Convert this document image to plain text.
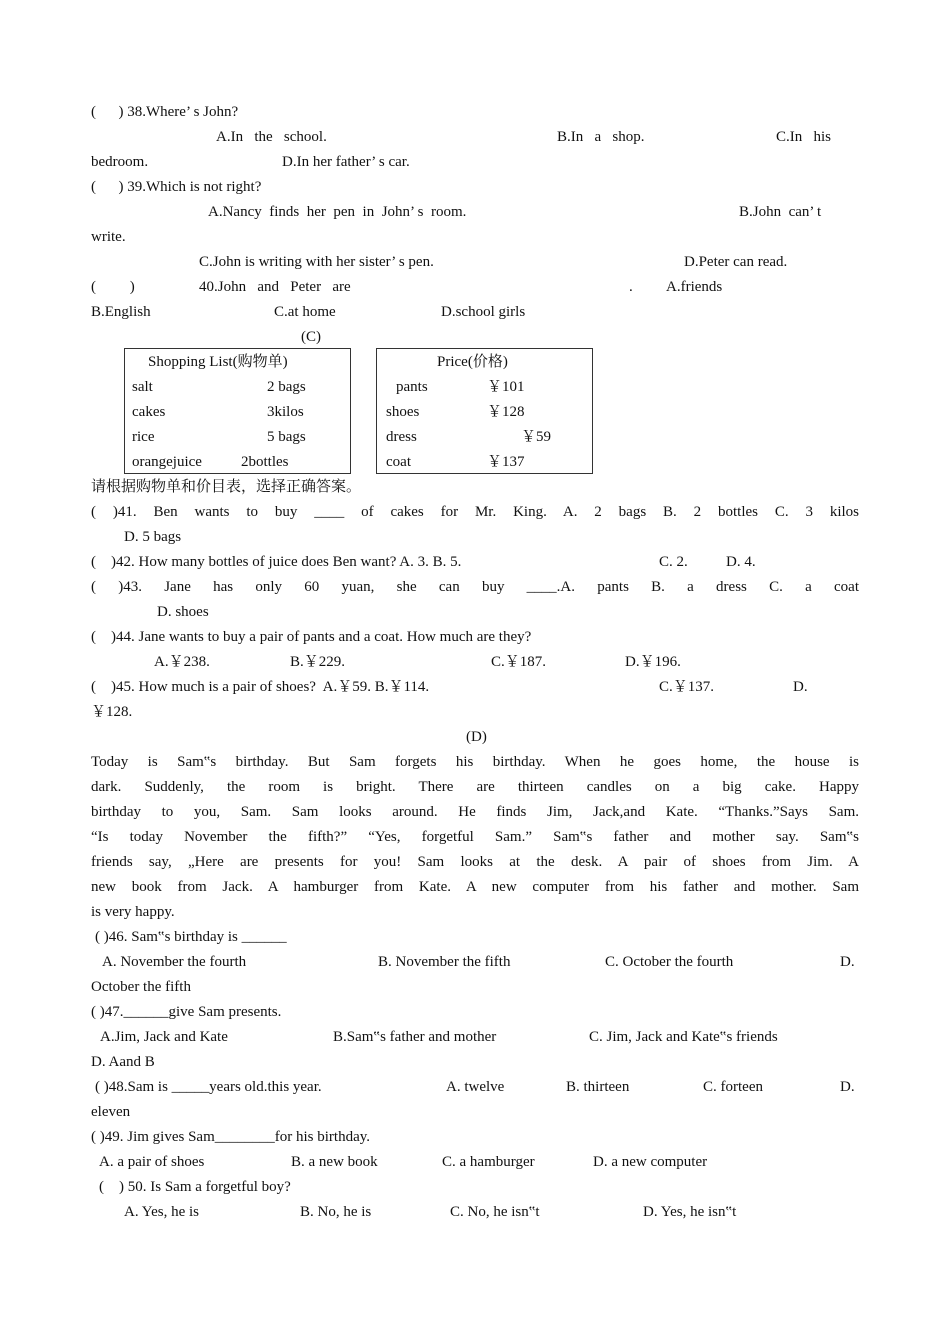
(      ) 38.Where’ s John?
A.In   the   school.	B.In   a   shop.	C.In   his
bedroom.	D.In her father’ s car.
(      ) 39.Which is not right?
A.Nancy  finds  her  pen  in  John’ s  room.	B.John  can’ t
write.
C.John is writing with her sister’ s pen.	D.Peter can read.
(         )	40.John   and   Peter   are	. A.friends
B.English	C.at home	D.school girls
(C)
Shopping List(购物单)
salt	2 bags
cakes	3kilos
rice	5 bags
orangejuice	2bottles
Price(价格)
pants	￥101
shoes	￥128
dress	￥59
coat	￥137
请根据购物单和价目表，选择正确答案。
( )41. Ben wants to buy ____ of cakes for Mr. King. A. 2 bags B. 2 bottles C. 3 kilos
D. 5 bags
(    )42. How many bottles of juice does Ben want? A. 3. B. 5.	C. 2.	D. 4.
( )43. Jane has only 60 yuan, she can buy ____.A. pants B. a dress C. a coat
D. shoes
(    )44. Jane wants to buy a pair of pants and a coat. How much are they?
A.￥238.	B.￥229.	C.￥187.	D.￥196.
(    )45. How much is a pair of shoes?  A.￥59. B.￥114.	C.￥137.	D.
￥128.
(D)
Today is Sam‟s birthday. But Sam forgets his birthday. When he goes home, the house is
dark. Suddenly, the room is bright. There are thirteen candles on a big cake. Happy
birthday to you, Sam. Sam looks around. He finds Jim, Jack,and Kate. “Thanks.”Says Sam.
“Is today November the fifth?” “Yes, forgetful Sam.” Sam‟s father and mother say. Sam‟s
friends say, „Here are presents for you! Sam looks at the desk. A pair of shoes from Jim. A
new book from Jack. A hamburger from Kate. A new computer from his father and mother. Sam
is very happy.
( )46. Sam‟s birthday is ______
A. November the fourth	B. November the fifth	C. October the fourth	D.
October the fifth
( )47.______give Sam presents.
A.Jim, Jack and Kate	B.Sam‟s father and mother	C. Jim, Jack and Kate‟s friends
D. Aand B
( )48.Sam is _____years old.this year.	A. twelve	B. thirteen	C. forteen	D.
eleven
( )49. Jim gives Sam________for his birthday.
A. a pair of shoes	B. a new book	C. a hamburger	D. a new computer
(    ) 50. Is Sam a forgetful boy?
A. Yes, he is	B. No, he is	C. No, he isn‟t	D. Yes, he isn‟t
